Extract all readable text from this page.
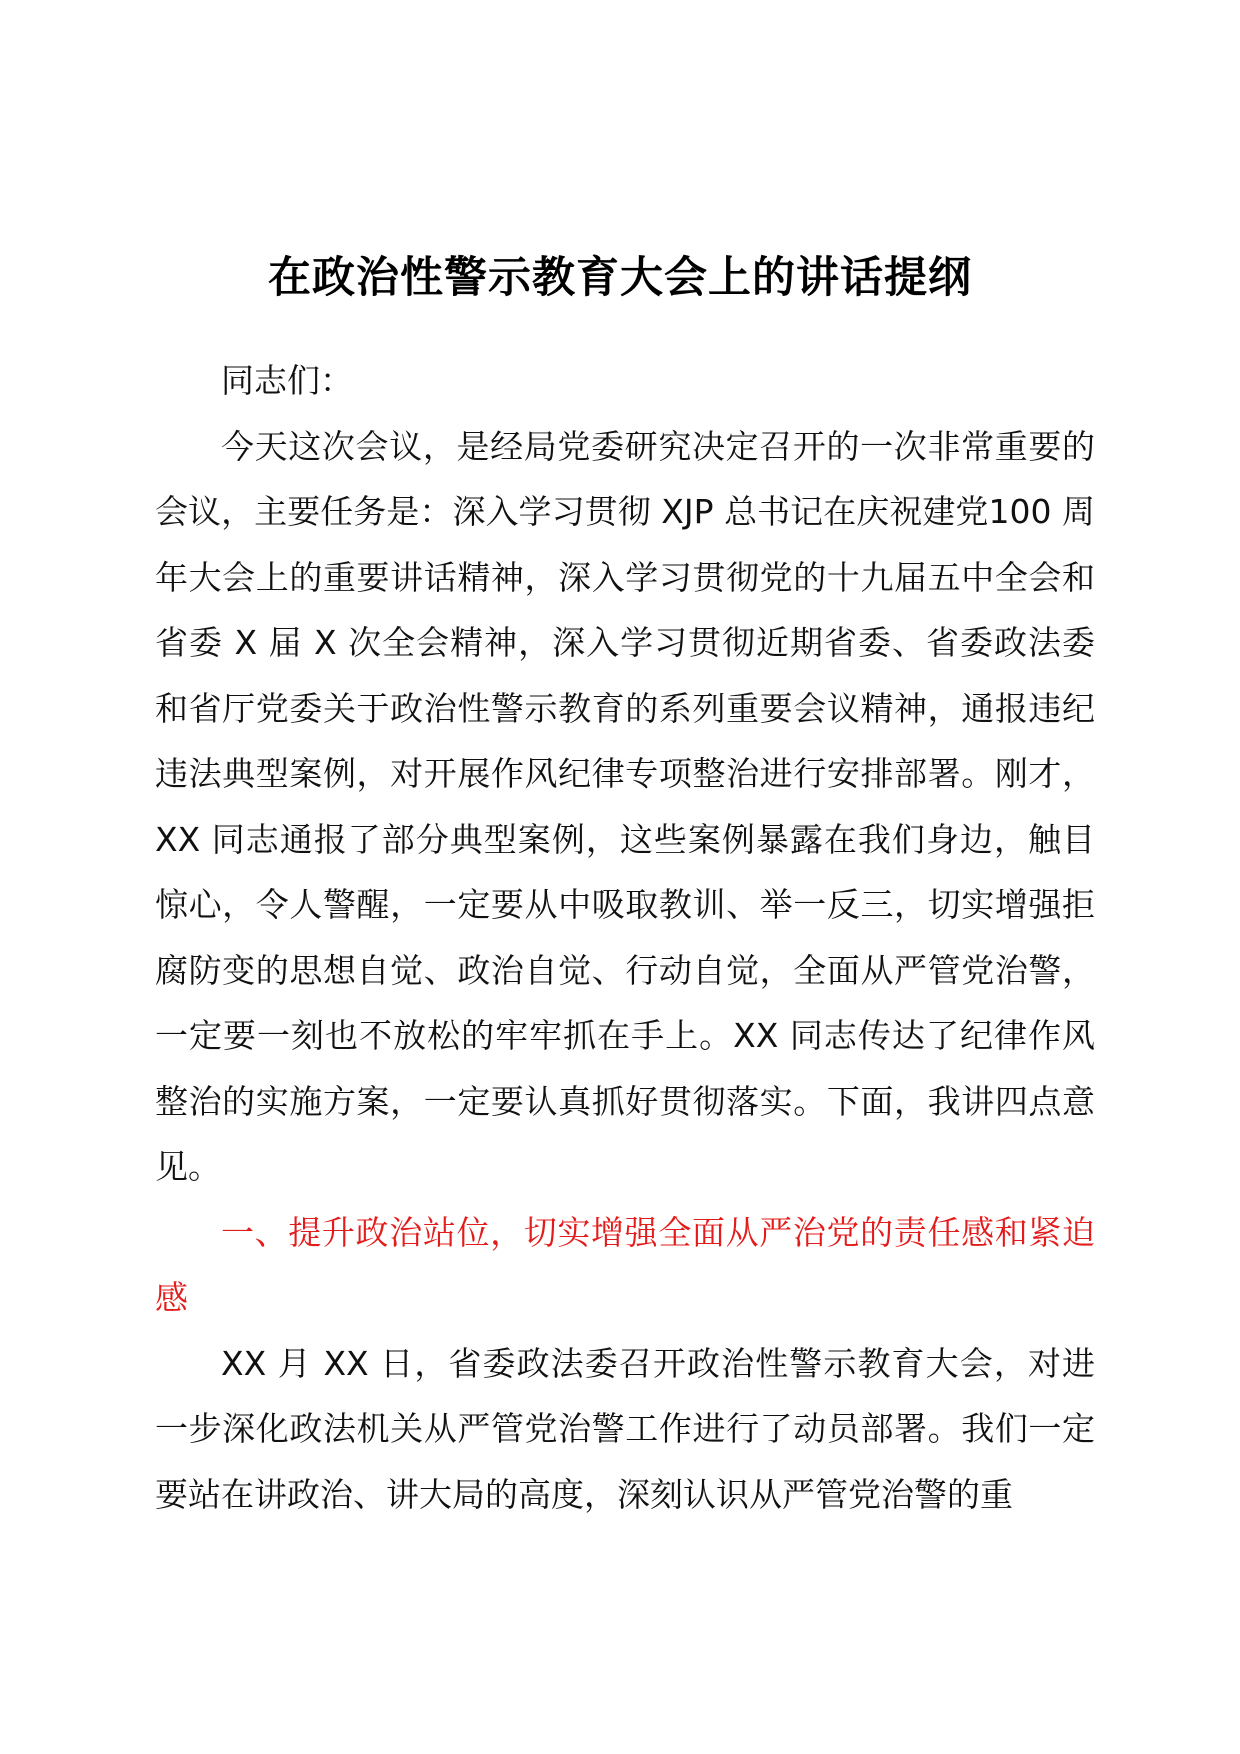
在政治性警示教育大会上的讲话提纲

同志们：

今天这次会议，是经局党委研究决定召开的一次非常重要的会议，主要任务是：深入学习贯彻 XJP 总书记在庆祝建党100 周年大会上的重要讲话精神，深入学习贯彻党的十九届五中全会和省委 X 届 X 次全会精神，深入学习贯彻近期省委、省委政法委和省厅党委关于政治性警示教育的系列重要会议精神，通报违纪违法典型案例，对开展作风纪律专项整治进行安排部署。刚才，XX 同志通报了部分典型案例，这些案例暴露在我们身边，触目惊心，令人警醒，一定要从中吸取教训、举一反三，切实增强拒腐防变的思想自觉、政治自觉、行动自觉，全面从严管党治警，一定要一刻也不放松的牢牢抓在手上。XX 同志传达了纪律作风整治的实施方案，一定要认真抓好贯彻落实。下面，我讲四点意见。

一、提升政治站位，切实增强全面从严治党的责任感和紧迫感

XX 月 XX 日，省委政法委召开政治性警示教育大会，对进一步深化政法机关从严管党治警工作进行了动员部署。我们一定要站在讲政治、讲大局的高度，深刻认识从严管党治警的重
